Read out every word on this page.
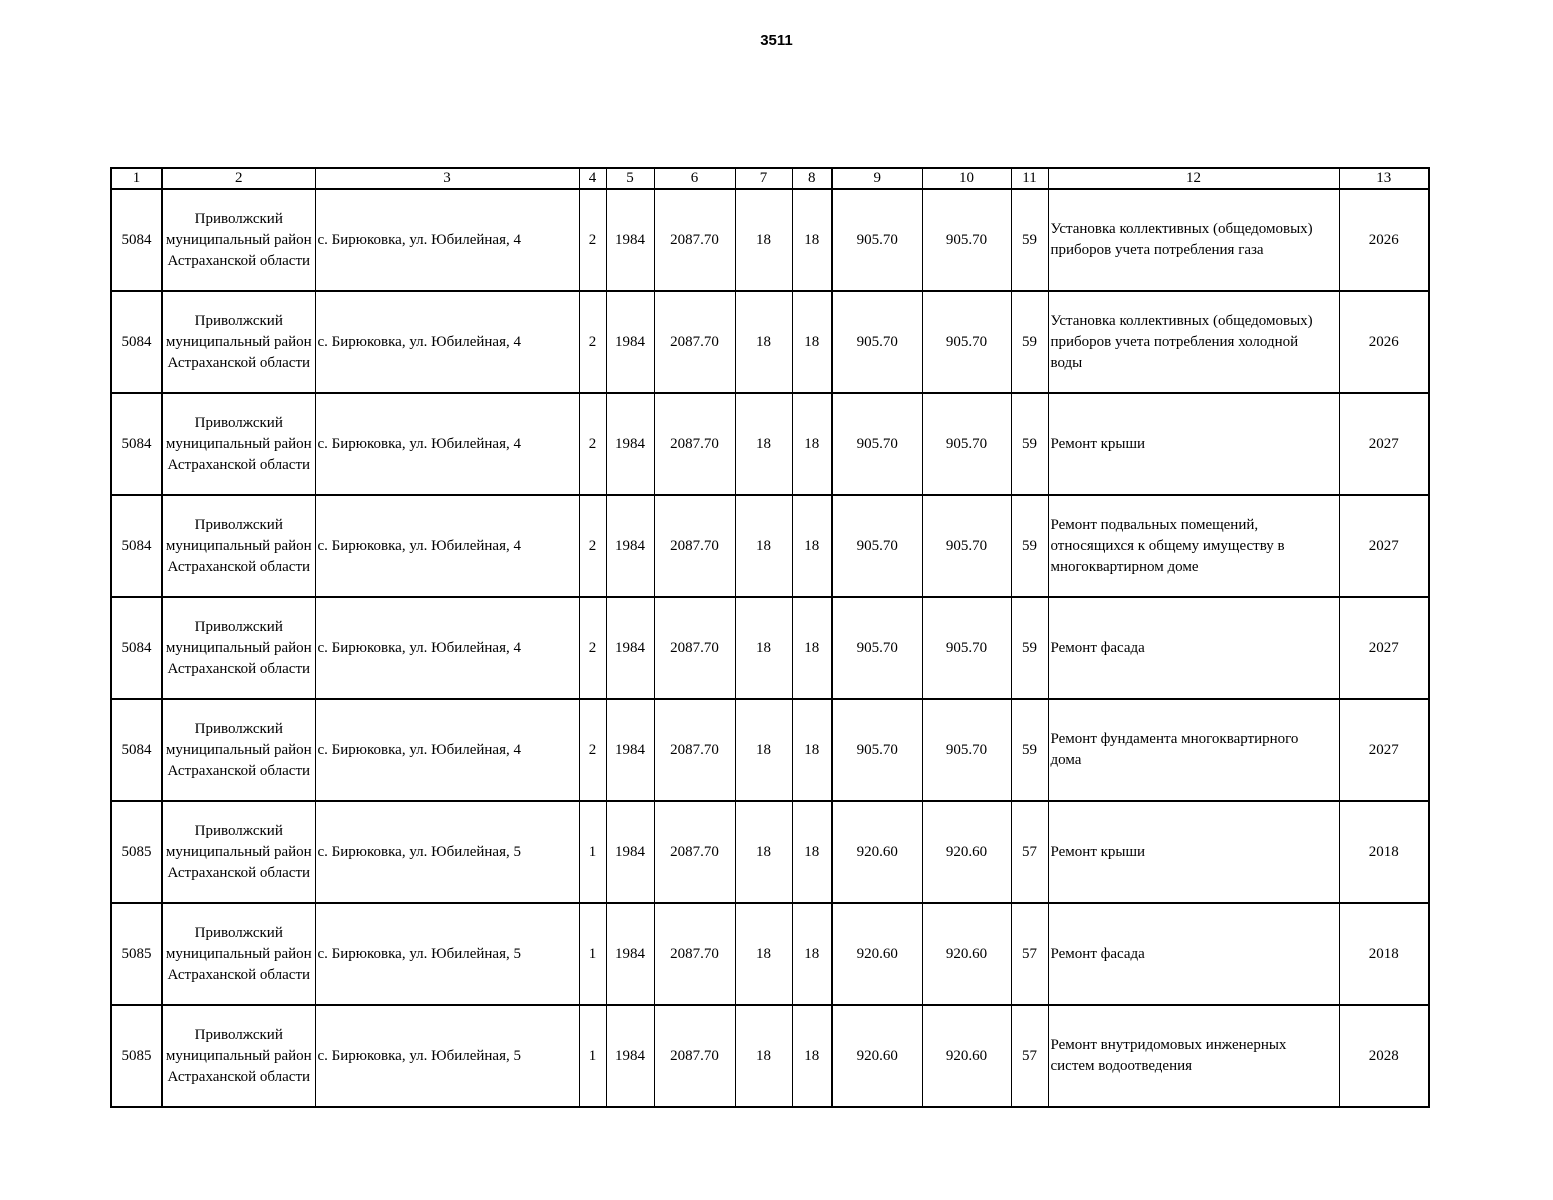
3511
1	2	3	4	5	6	7	8	9	10	11	12	13
5084	Приволжский муниципальный район Астраханской области	с. Бирюковка, ул. Юбилейная, 4	2	1984	2087.70	18	18	905.70	905.70	59	Установка коллективных (общедомовых) приборов учета потребления газа	2026
5084	Приволжский муниципальный район Астраханской области	с. Бирюковка, ул. Юбилейная, 4	2	1984	2087.70	18	18	905.70	905.70	59	Установка коллективных (общедомовых) приборов учета потребления холодной воды	2026
5084	Приволжский муниципальный район Астраханской области	с. Бирюковка, ул. Юбилейная, 4	2	1984	2087.70	18	18	905.70	905.70	59	Ремонт крыши	2027
5084	Приволжский муниципальный район Астраханской области	с. Бирюковка, ул. Юбилейная, 4	2	1984	2087.70	18	18	905.70	905.70	59	Ремонт подвальных помещений, относящихся к общему имуществу в многоквартирном доме	2027
5084	Приволжский муниципальный район Астраханской области	с. Бирюковка, ул. Юбилейная, 4	2	1984	2087.70	18	18	905.70	905.70	59	Ремонт фасада	2027
5084	Приволжский муниципальный район Астраханской области	с. Бирюковка, ул. Юбилейная, 4	2	1984	2087.70	18	18	905.70	905.70	59	Ремонт фундамента многоквартирного дома	2027
5085	Приволжский муниципальный район Астраханской области	с. Бирюковка, ул. Юбилейная, 5	1	1984	2087.70	18	18	920.60	920.60	57	Ремонт крыши	2018
5085	Приволжский муниципальный район Астраханской области	с. Бирюковка, ул. Юбилейная, 5	1	1984	2087.70	18	18	920.60	920.60	57	Ремонт фасада	2018
5085	Приволжский муниципальный район Астраханской области	с. Бирюковка, ул. Юбилейная, 5	1	1984	2087.70	18	18	920.60	920.60	57	Ремонт внутридомовых инженерных систем водоотведения	2028
